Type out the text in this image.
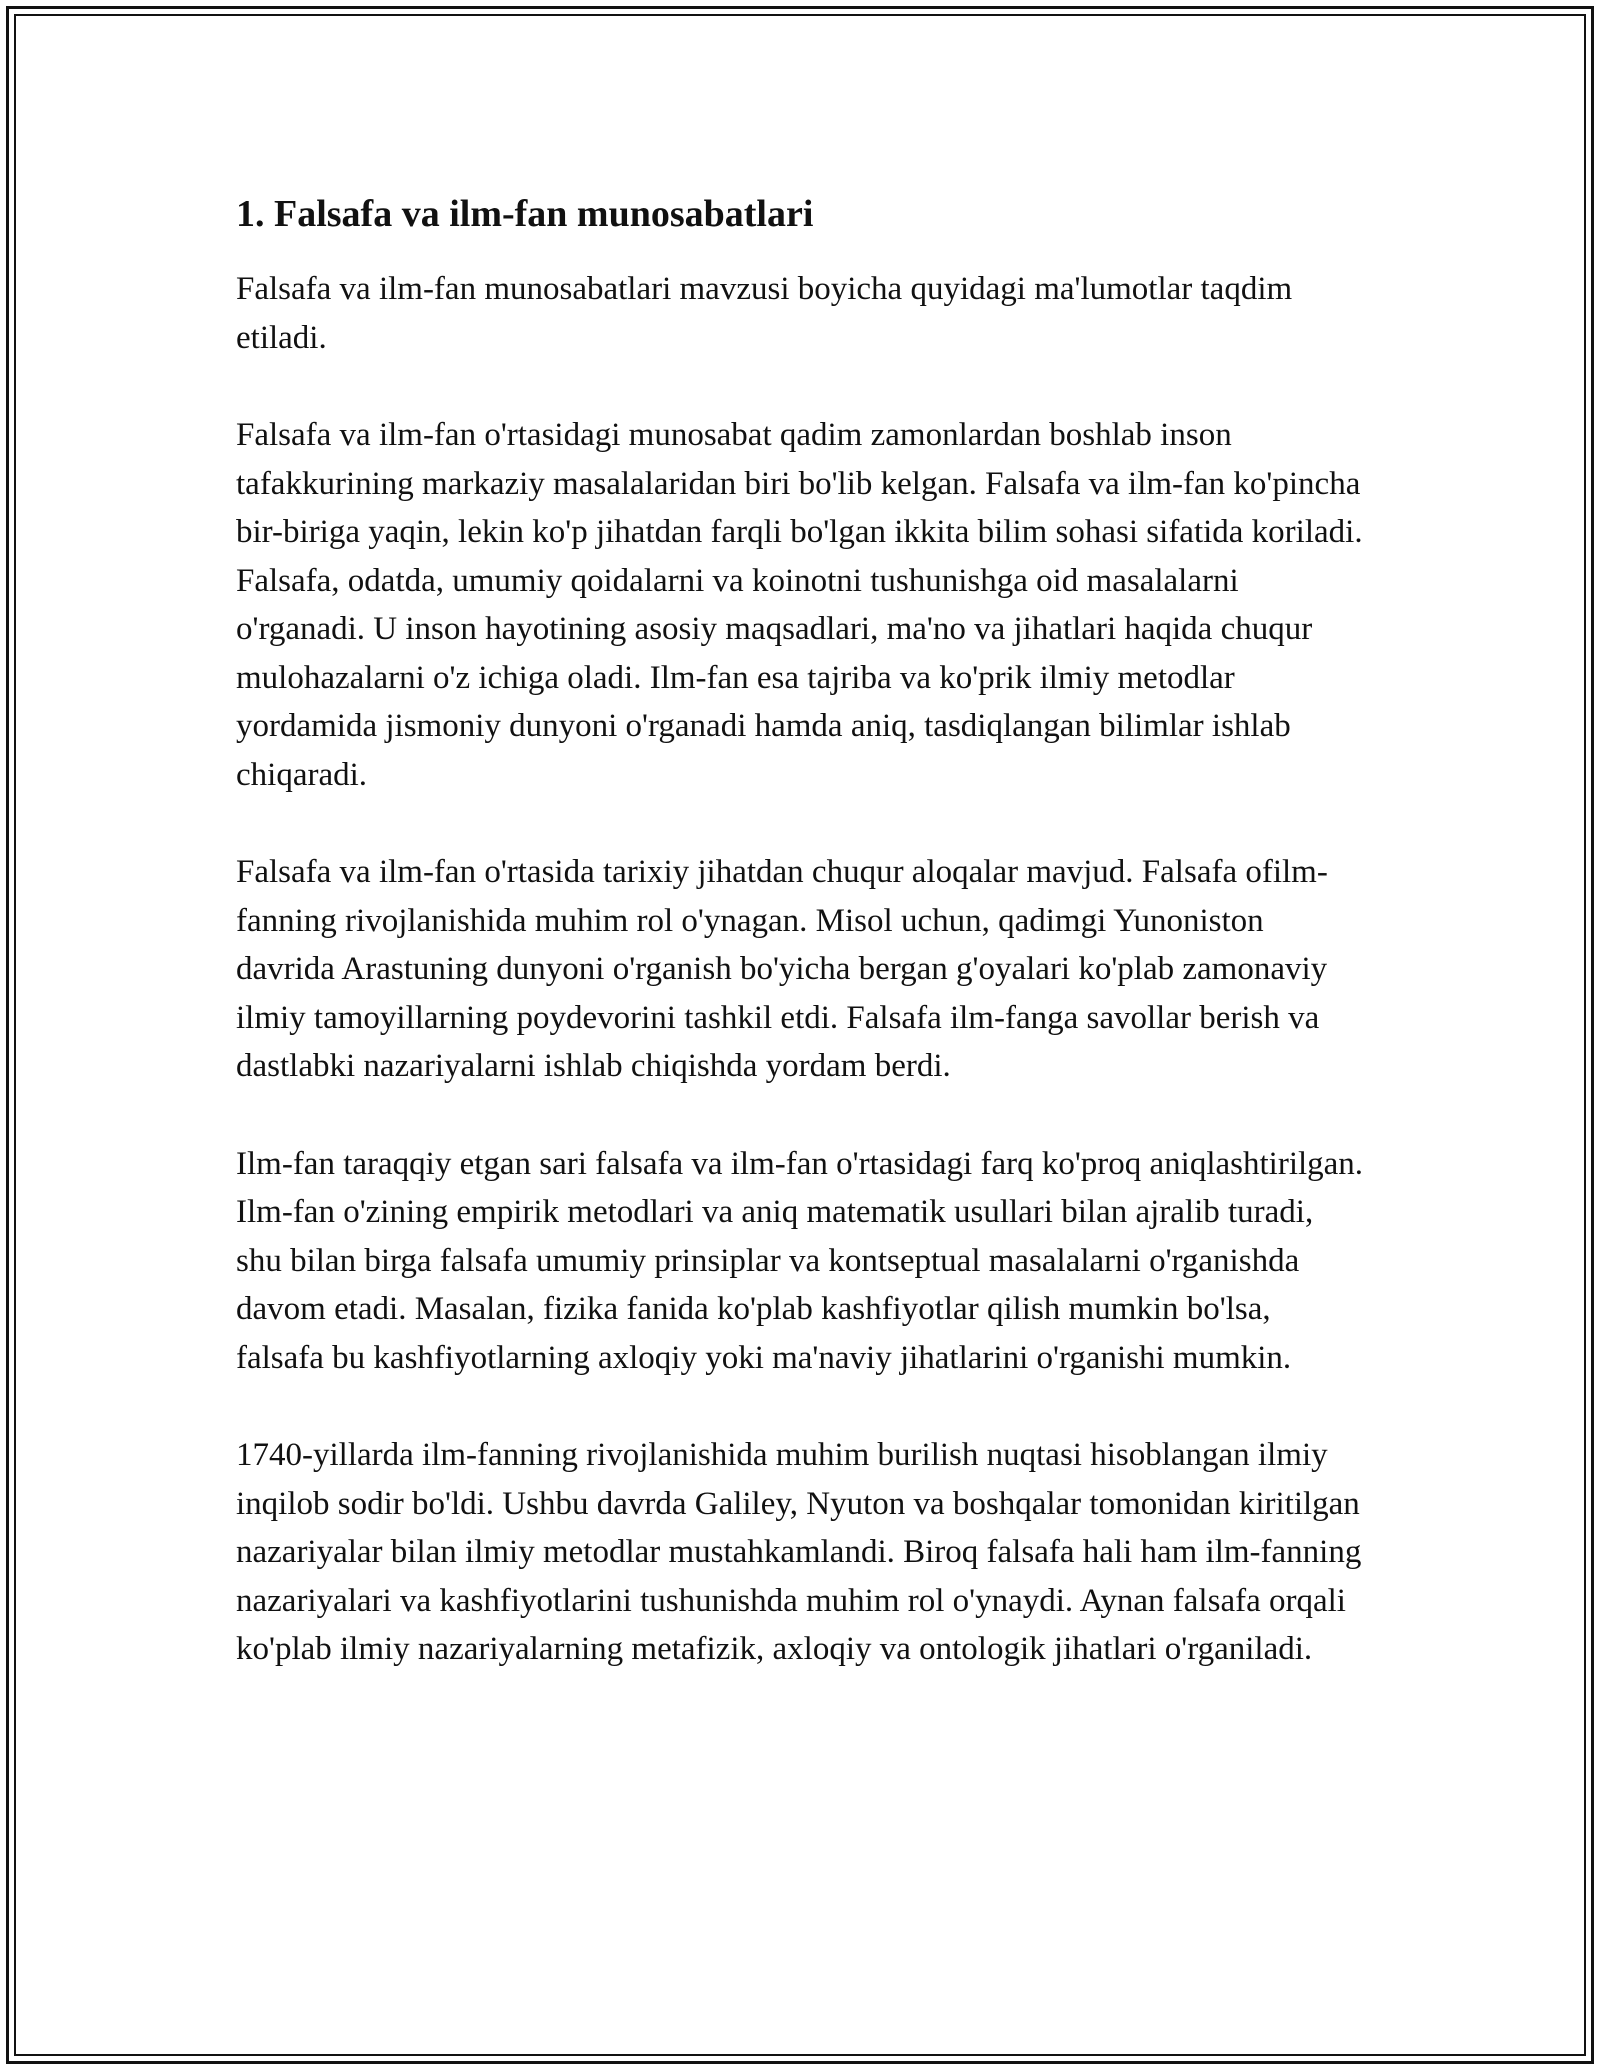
1. Falsafa va ilm-fan munosabatlari

Falsafa va ilm-fan munosabatlari mavzusi boyicha quyidagi ma'lumotlar taqdim etiladi.

Falsafa va ilm-fan o'rtasidagi munosabat qadim zamonlardan boshlab inson tafakkurining markaziy masalalaridan biri bo'lib kelgan. Falsafa va ilm-fan ko'pincha bir-biriga yaqin, lekin ko'p jihatdan farqli bo'lgan ikkita bilim sohasi sifatida koriladi. Falsafa, odatda, umumiy qoidalarni va koinotni tushunishga oid masalalarni o'rganadi. U inson hayotining asosiy maqsadlari, ma'no va jihatlari haqida chuqur mulohazalarni o'z ichiga oladi. Ilm-fan esa tajriba va ko'prik ilmiy metodlar yordamida jismoniy dunyoni o'rganadi hamda aniq, tasdiqlangan bilimlar ishlab chiqaradi.

Falsafa va ilm-fan o'rtasida tarixiy jihatdan chuqur aloqalar mavjud. Falsafa ofilm-fanning rivojlanishida muhim rol o'ynagan. Misol uchun, qadimgi Yunoniston davrida Arastuning dunyoni o'rganish bo'yicha bergan g'oyalari ko'plab zamonaviy ilmiy tamoyillarning poydevorini tashkil etdi. Falsafa ilm-fanga savollar berish va dastlabki nazariyalarni ishlab chiqishda yordam berdi.

Ilm-fan taraqqiy etgan sari falsafa va ilm-fan o'rtasidagi farq ko'proq aniqlashtirilgan. Ilm-fan o'zining empirik metodlari va aniq matematik usullari bilan ajralib turadi, shu bilan birga falsafa umumiy prinsiplar va kontseptual masalalarni o'rganishda davom etadi. Masalan, fizika fanida ko'plab kashfiyotlar qilish mumkin bo'lsa, falsafa bu kashfiyotlarning axloqiy yoki ma'naviy jihatlarini o'rganishi mumkin.

1740-yillarda ilm-fanning rivojlanishida muhim burilish nuqtasi hisoblangan ilmiy inqilob sodir bo'ldi. Ushbu davrda Galiley, Nyuton va boshqalar tomonidan kiritilgan nazariyalar bilan ilmiy metodlar mustahkamlandi. Biroq falsafa hali ham ilm-fanning nazariyalari va kashfiyotlarini tushunishda muhim rol o'ynaydi. Aynan falsafa orqali ko'plab ilmiy nazariyalarning metafizik, axloqiy va ontologik jihatlari o'rganiladi.
